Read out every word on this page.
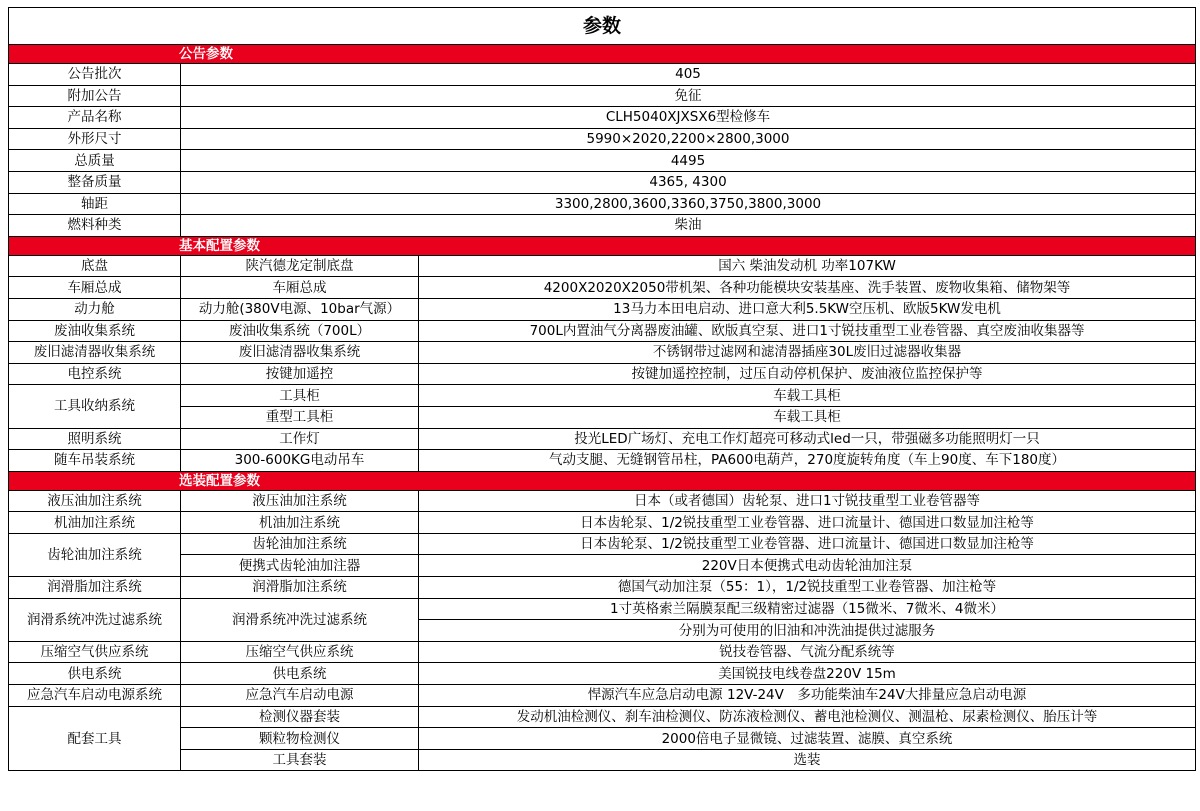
参数		
公告参数		
公告批次	405	
附加公告	免征	
产品名称	CLH5040XJXSX6型检修车	
外形尺寸	5990×2020,2200×2800,3000	
总质量	4495	
整备质量	4365, 4300	
轴距	3300,2800,3600,3360,3750,3800,3000	
燃料种类	柴油	
基本配置参数		
底盘	陕汽德龙定制底盘	国六 柴油发动机 功率107KW
车厢总成	车厢总成	4200X2020X2050带机架、各种功能模块安装基座、洗手装置、废物收集箱、储物架等
动力舱	动力舱(380V电源、10bar气源）	13马力本田电启动、进口意大利5.5KW空压机、欧版5KW发电机
废油收集系统	废油收集系统（700L）	700L内置油气分离器废油罐、欧版真空泵、进口1寸锐技重型工业卷管器、真空废油收集器等
废旧滤清器收集系统	废旧滤清器收集系统	不锈钢带过滤网和滤清器插座30L废旧过滤器收集器
电控系统	按键加遥控	按键加遥控控制，过压自动停机保护、废油液位监控保护等
工具收纳系统	工具柜	车载工具柜
	重型工具柜	车载工具柜
照明系统	工作灯	投光LED广场灯、充电工作灯超亮可移动式led一只，带强磁多功能照明灯一只
随车吊装系统	300-600KG电动吊车	气动支腿、无缝钢管吊柱，PA600电葫芦，270度旋转角度（车上90度、车下180度）
选装配置参数		
液压油加注系统	液压油加注系统	日本（或者德国）齿轮泵、进口1寸锐技重型工业卷管器等
机油加注系统	机油加注系统	日本齿轮泵、1/2锐技重型工业卷管器、进口流量计、德国进口数显加注枪等
齿轮油加注系统	齿轮油加注系统	日本齿轮泵、1/2锐技重型工业卷管器、进口流量计、德国进口数显加注枪等
	便携式齿轮油加注器	220V日本便携式电动齿轮油加注泵
润滑脂加注系统	润滑脂加注系统	德国气动加注泵（55：1），1/2锐技重型工业卷管器、加注枪等
润滑系统冲洗过滤系统	润滑系统冲洗过滤系统	1寸英格索兰隔膜泵配三级精密过滤器（15微米、7微米、4微米）
		分别为可使用的旧油和冲洗油提供过滤服务
压缩空气供应系统	压缩空气供应系统	锐技卷管器、气流分配系统等
供电系统	供电系统	美国锐技电线卷盘220V 15m
应急汽车启动电源系统	应急汽车启动电源	悍源汽车应急启动电源 12V-24V　多功能柴油车24V大排量应急启动电源
配套工具	检测仪器套装	发动机油检测仪、刹车油检测仪、防冻液检测仪、蓄电池检测仪、测温枪、尿素检测仪、胎压计等
	颗粒物检测仪	2000倍电子显微镜、过滤装置、滤膜、真空系统
	工具套装	选装
